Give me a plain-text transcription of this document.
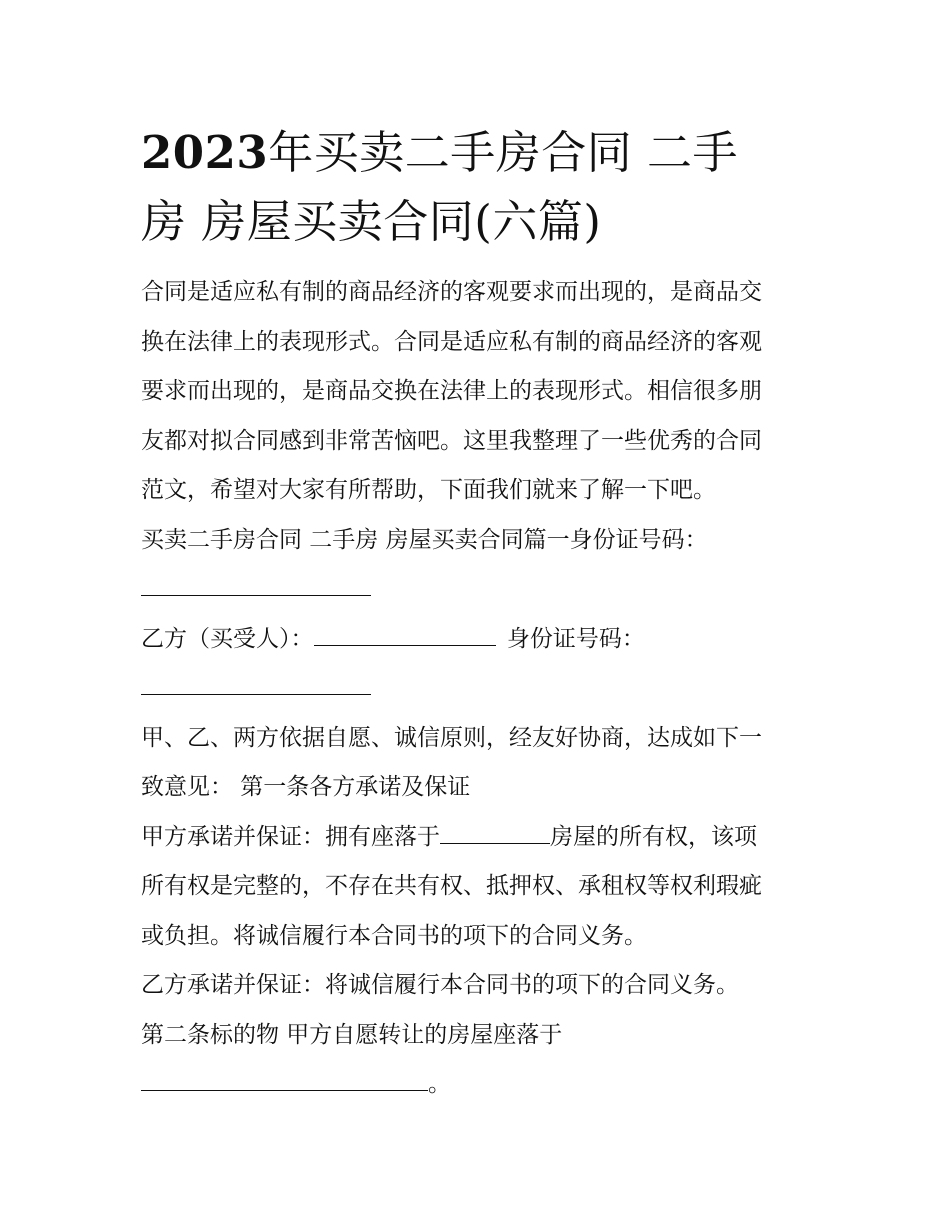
2023年买卖二手房合同 二手
房 房屋买卖合同(六篇)
合同是适应私有制的商品经济的客观要求而出现的，是商品交
换在法律上的表现形式。合同是适应私有制的商品经济的客观
要求而出现的，是商品交换在法律上的表现形式。相信很多朋
友都对拟合同感到非常苦恼吧。这里我整理了一些优秀的合同
范文，希望对大家有所帮助，下面我们就来了解一下吧。
买卖二手房合同 二手房 房屋买卖合同篇一身份证号码：
乙方（买受人）：	身份证号码：
甲、乙、两方依据自愿、诚信原则，经友好协商，达成如下一
致意见： 第一条各方承诺及保证
甲方承诺并保证：拥有座落于	房屋的所有权，该项
所有权是完整的，不存在共有权、抵押权、承租权等权利瑕疵
或负担。将诚信履行本合同书的项下的合同义务。
乙方承诺并保证：将诚信履行本合同书的项下的合同义务。
第二条标的物 甲方自愿转让的房屋座落于
。
